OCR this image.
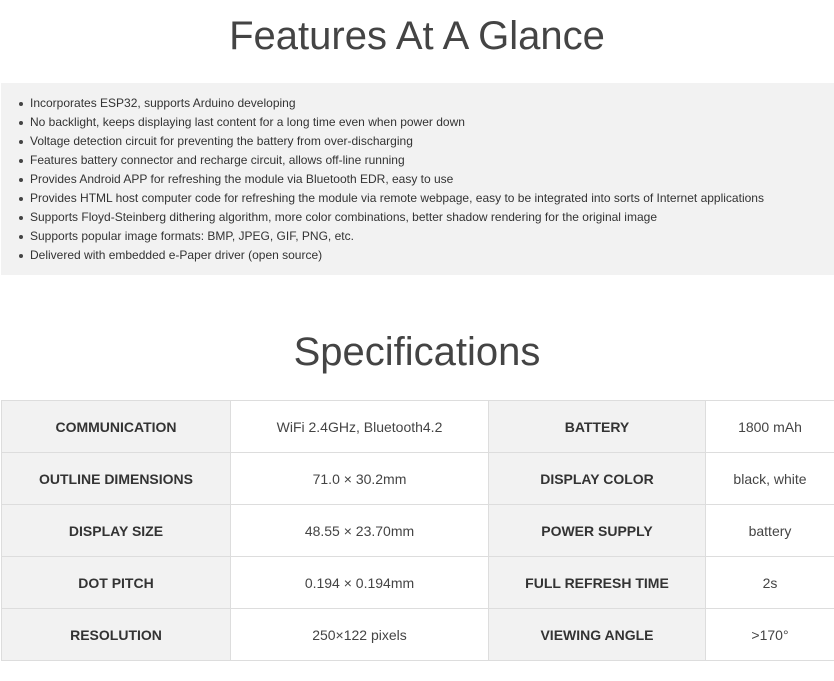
Features At A Glance
Incorporates ESP32, supports Arduino developing
No backlight, keeps displaying last content for a long time even when power down
Voltage detection circuit for preventing the battery from over-discharging
Features battery connector and recharge circuit, allows off-line running
Provides Android APP for refreshing the module via Bluetooth EDR, easy to use
Provides HTML host computer code for refreshing the module via remote webpage, easy to be integrated into sorts of Internet applications
Supports Floyd-Steinberg dithering algorithm, more color combinations, better shadow rendering for the original image
Supports popular image formats: BMP, JPEG, GIF, PNG, etc.
Delivered with embedded e-Paper driver (open source)
Specifications
COMMUNICATION	WiFi 2.4GHz, Bluetooth4.2	BATTERY	1800 mAh
OUTLINE DIMENSIONS	71.0 × 30.2mm	DISPLAY COLOR	black, white
DISPLAY SIZE	48.55 × 23.70mm	POWER SUPPLY	battery
DOT PITCH	0.194 × 0.194mm	FULL REFRESH TIME	2s
RESOLUTION	250×122 pixels	VIEWING ANGLE	>170°
